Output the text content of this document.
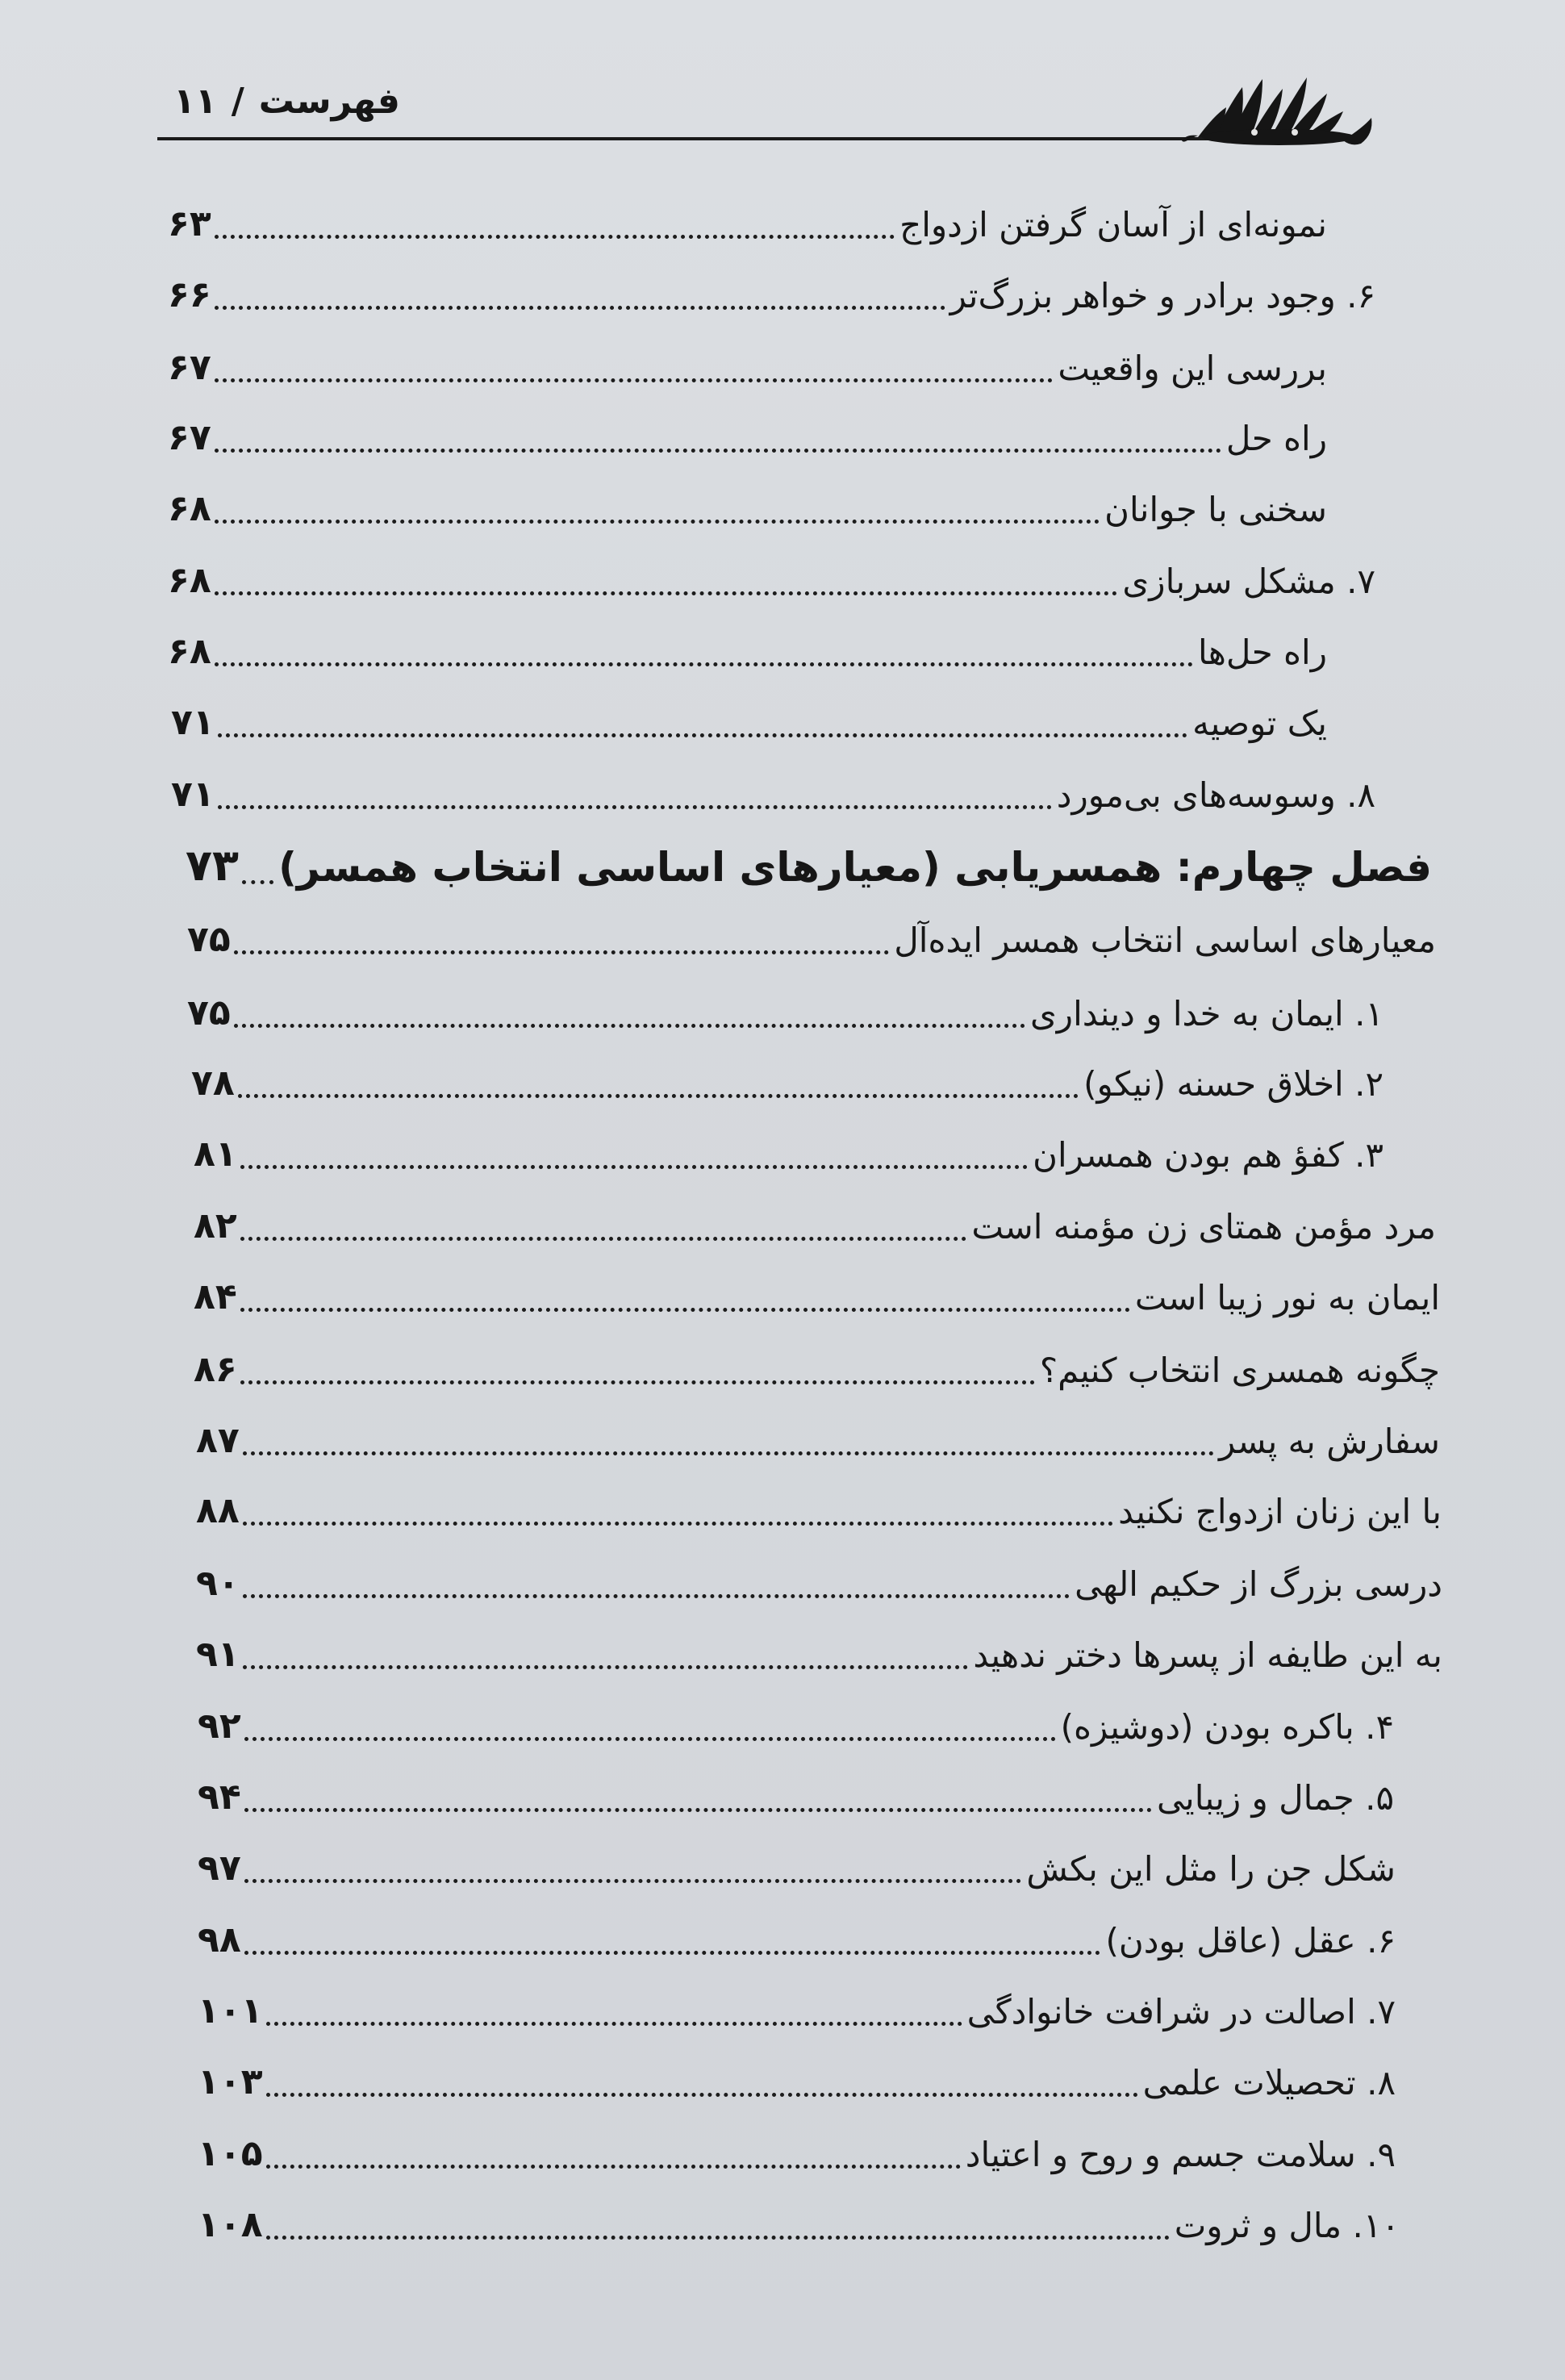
فهرست
/
۱۱
نمونه‌ای از آسان گرفتن ازدواج
۶۳
۶. وجود برادر و خواهر بزرگ‌تر
۶۶
بررسی این واقعیت
۶۷
راه حل
۶۷
سخنی با جوانان
۶۸
۷. مشکل سربازی
۶۸
راه حل‌ها
۶۸
یک توصیه
۷۱
۸. وسوسه‌های بی‌مورد
۷۱
فصل چهارم: همسریابی (معیارهای اساسی انتخاب همسر)
۷۳
معیارهای اساسی انتخاب همسر ایده‌آل
۷۵
۱. ایمان به خدا و دینداری
۷۵
۲. اخلاق حسنه (نیکو)
۷۸
۳. کفؤ هم بودن همسران
۸۱
مرد مؤمن همتای زن مؤمنه است
۸۲
ایمان به نور زیبا است
۸۴
چگونه همسری انتخاب کنیم؟
۸۶
سفارش به پسر
۸۷
با این زنان ازدواج نکنید
۸۸
درسی بزرگ از حکیم الهی
۹۰
به این طایفه از پسرها دختر ندهید
۹۱
۴. باکره بودن (دوشیزه)
۹۲
۵. جمال و زیبایی
۹۴
شکل جن را مثل این بکش
۹۷
۶. عقل (عاقل بودن)
۹۸
۷. اصالت در شرافت خانوادگی
۱۰۱
۸. تحصیلات علمی
۱۰۳
۹. سلامت جسم و روح و اعتیاد
۱۰۵
۱۰. مال و ثروت
۱۰۸
